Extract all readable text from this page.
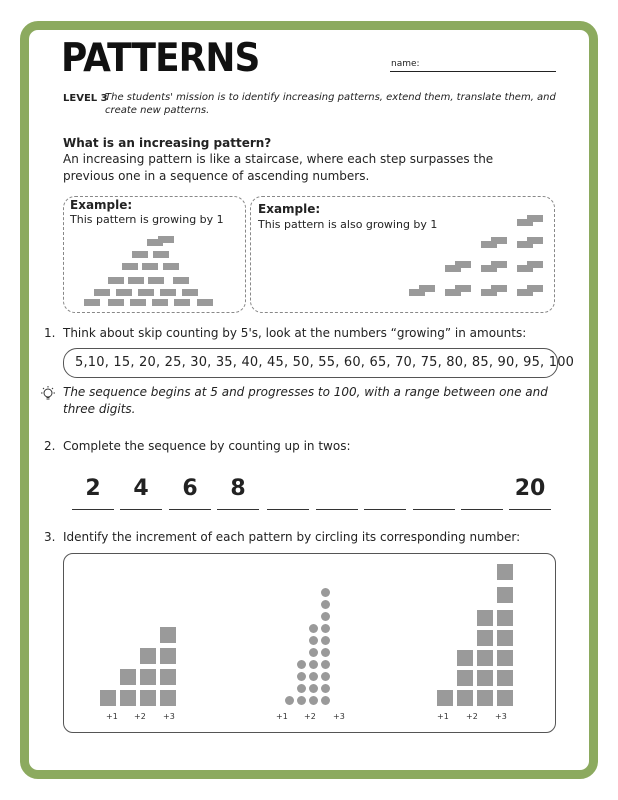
PATTERNS	name:
LEVEL 3
The students' mission is to identify increasing patterns, extend them, translate them, and create new patterns.
What is an increasing pattern?
An increasing pattern is like a staircase, where each step surpasses the previous one in a sequence of ascending numbers.
Example:
This pattern is growing by 1
Example:
This pattern is also growing by 1
1. Think about skip counting by 5's, look at the numbers “growing” in amounts:
5,10, 15, 20, 25, 30, 35, 40, 45, 50, 55, 60, 65, 70, 75, 80, 85, 90, 95, 100
The sequence begins at 5 and progresses to 100, with a range between one and three digits.
2. Complete the sequence by counting up in twos:
2	4	6	8	20
3. Identify the increment of each pattern by circling its corresponding number:
+1 +2 +3	+1 +2 +3	+1 +2 +3
